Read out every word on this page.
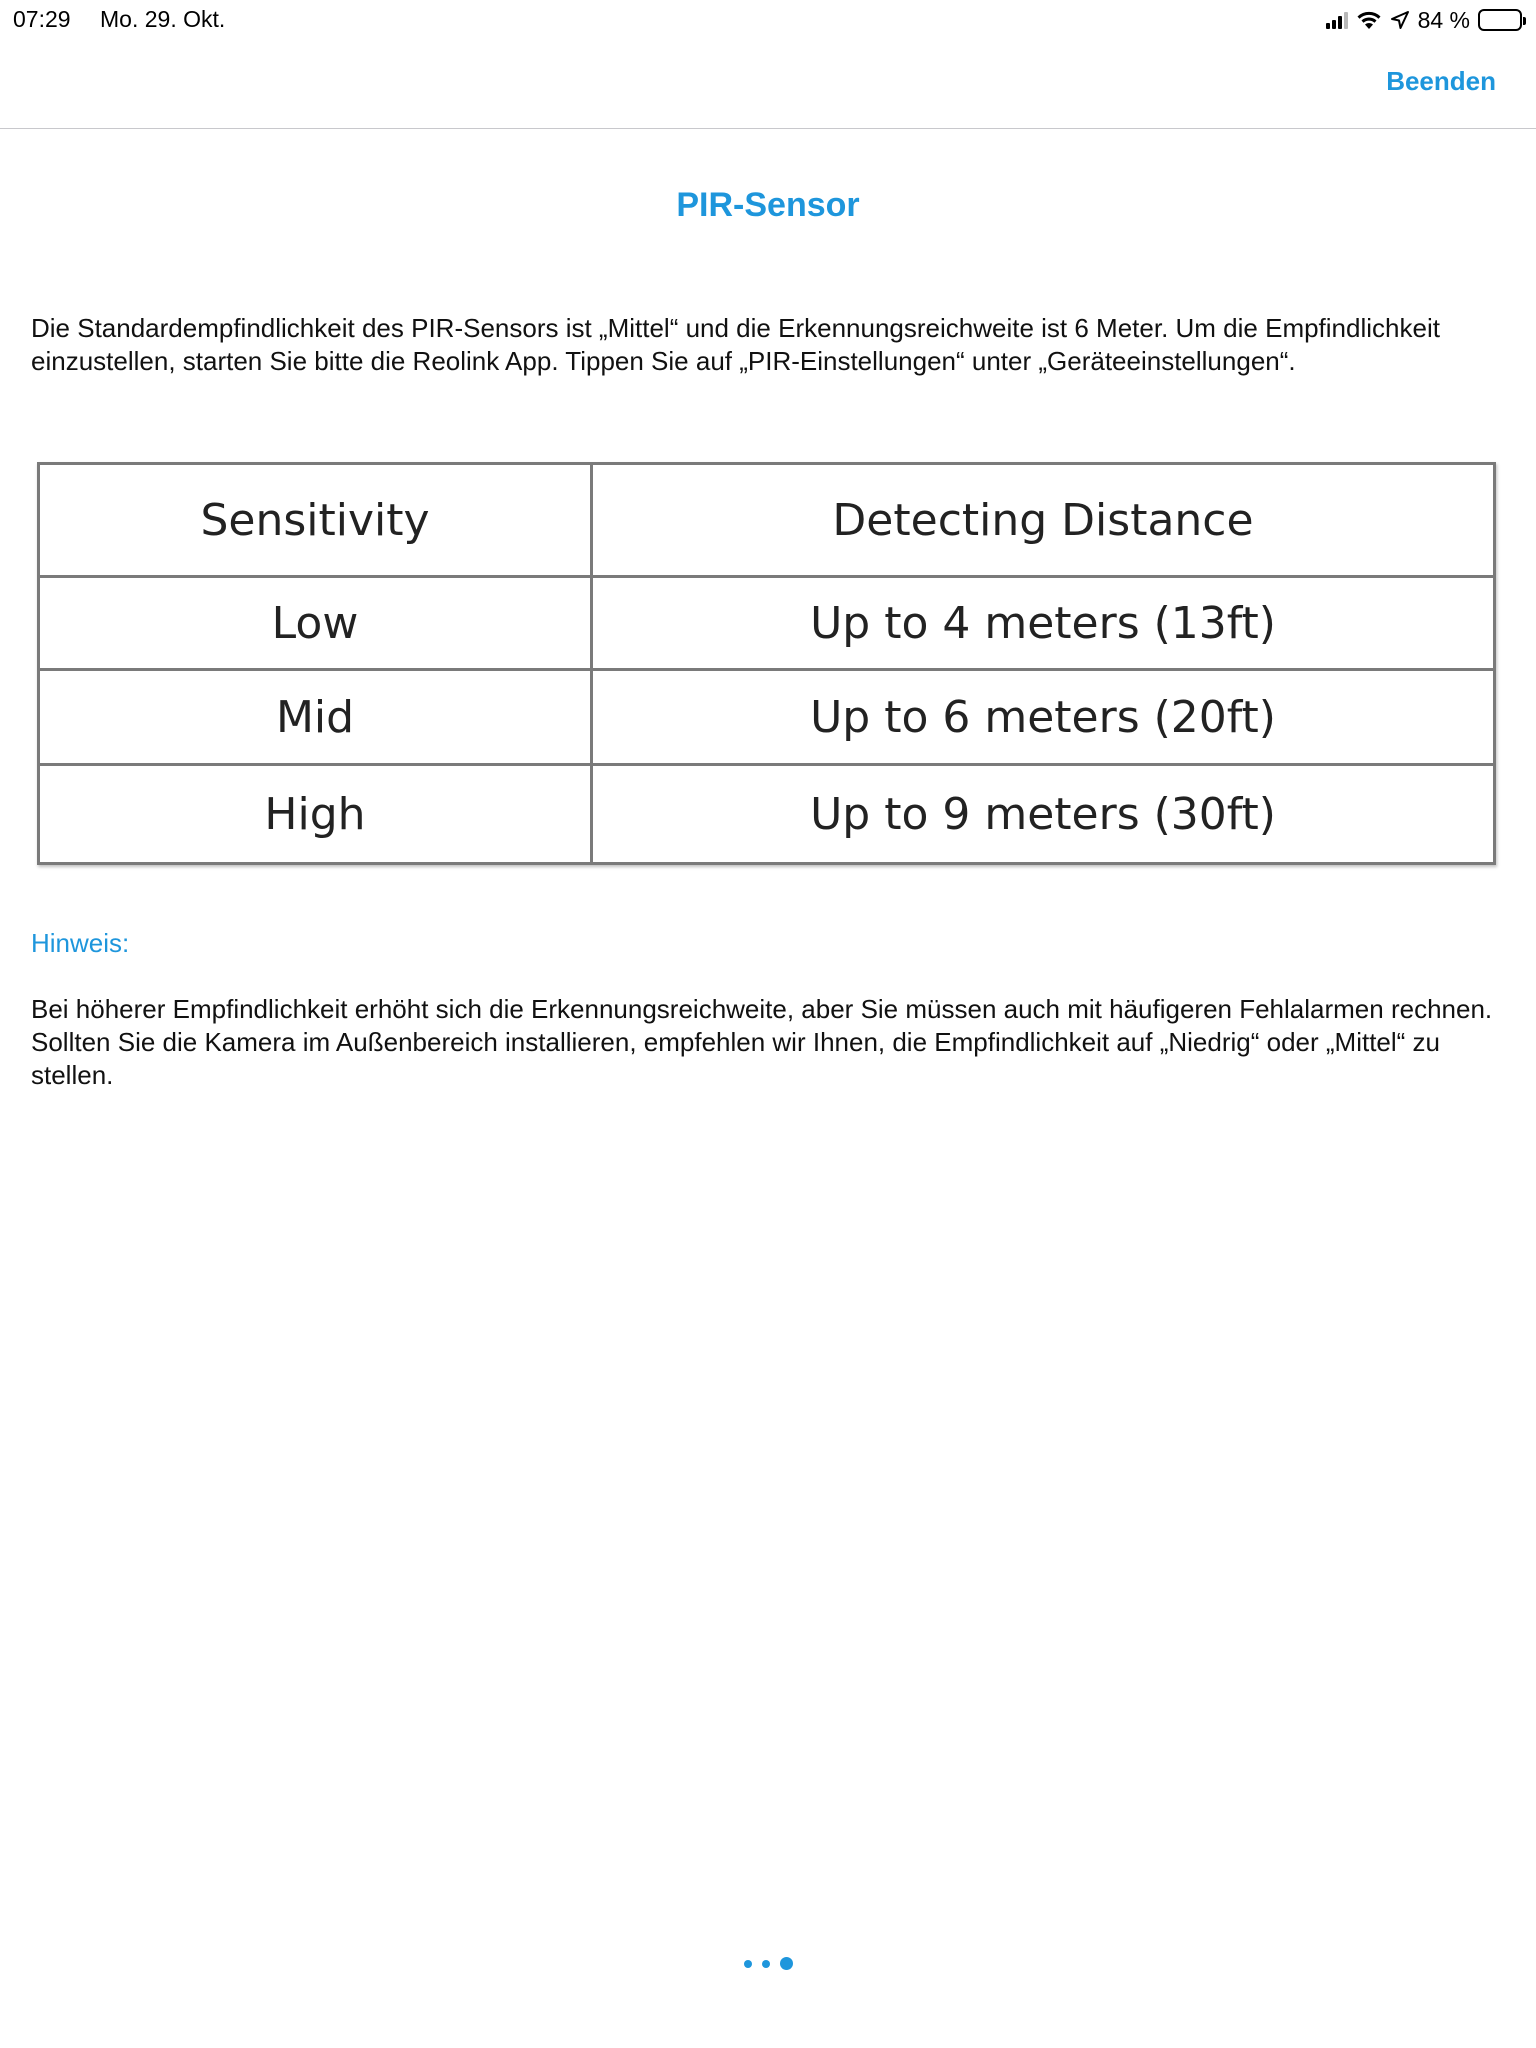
07:29 Mo. 29. Okt.	84 %
Beenden
PIR-Sensor
Die Standardempfindlichkeit des PIR-Sensors ist „Mittel“ und die Erkennungsreichweite ist 6 Meter. Um die Empfindlichkeit einzustellen, starten Sie bitte die Reolink App. Tippen Sie auf „PIR-Einstellungen“ unter „Geräteeinstellungen“.
Sensitivity	Detecting Distance
Low	Up to 4 meters (13ft)
Mid	Up to 6 meters (20ft)
High	Up to 9 meters (30ft)
Hinweis:
Bei höherer Empfindlichkeit erhöht sich die Erkennungsreichweite, aber Sie müssen auch mit häufigeren Fehlalarmen rechnen. Sollten Sie die Kamera im Außenbereich installieren, empfehlen wir Ihnen, die Empfindlichkeit auf „Niedrig“ oder „Mittel“ zu stellen.
